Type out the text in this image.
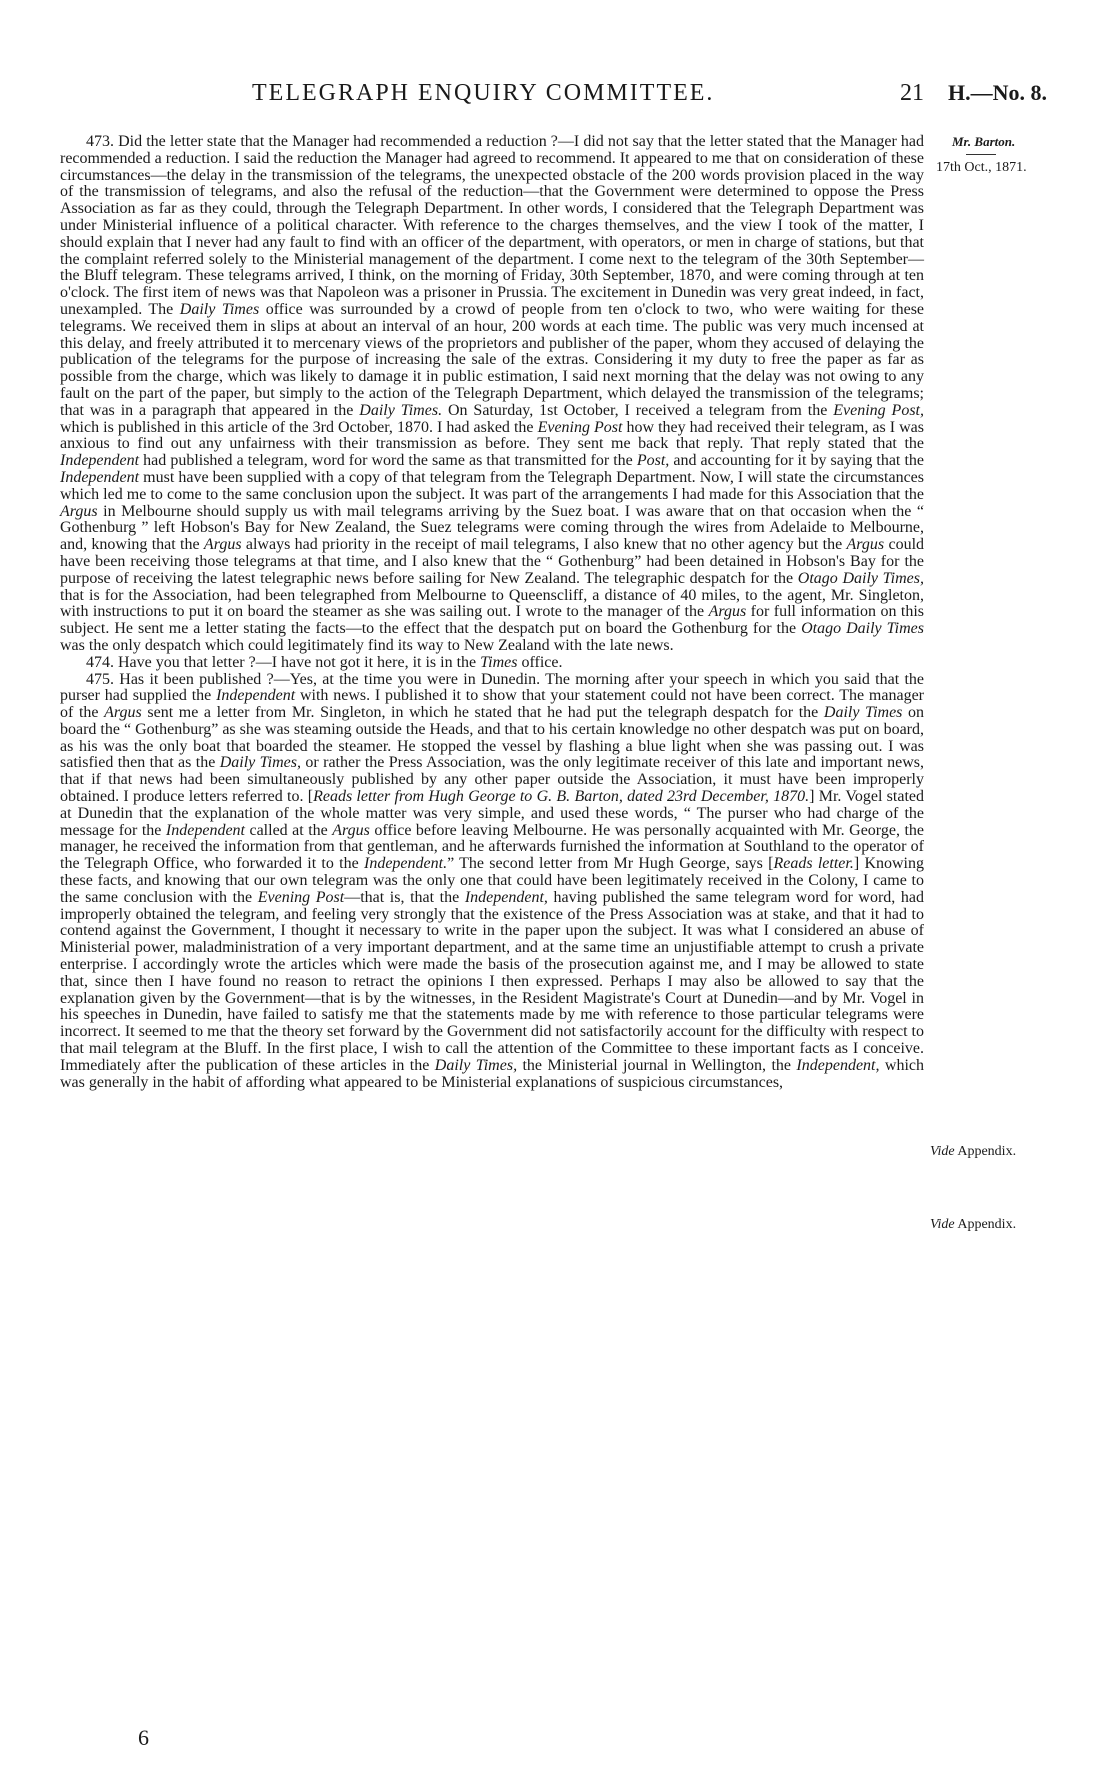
TELEGRAPH ENQUIRY COMMITTEE.	21 H.—No. 8.
Mr. Barton.
17th Oct., 1871.
Vide Appendix.
Vide Appendix.

473. Did the letter state that the Manager had recommended a reduction ?—I did not say that the letter stated that the Manager had recommended a reduction. I said the reduction the Manager had agreed to recommend. It appeared to me that on consideration of these circumstances—the delay in the transmission of the telegrams, the unexpected obstacle of the 200 words provision placed in the way of the transmission of telegrams, and also the refusal of the reduction—that the Government were determined to oppose the Press Association as far as they could, through the Telegraph Department. In other words, I considered that the Telegraph Department was under Ministerial influence of a political character. With reference to the charges themselves, and the view I took of the matter, I should explain that I never had any fault to find with an officer of the department, with operators, or men in charge of stations, but that the complaint referred solely to the Ministerial management of the department. I come next to the telegram of the 30th September—the Bluff telegram. These telegrams arrived, I think, on the morning of Friday, 30th September, 1870, and were coming through at ten o'clock. The first item of news was that Napoleon was a prisoner in Prussia. The excitement in Dunedin was very great indeed, in fact, unexampled. The Daily Times office was surrounded by a crowd of people from ten o'clock to two, who were waiting for these telegrams. We received them in slips at about an interval of an hour, 200 words at each time. The public was very much incensed at this delay, and freely attributed it to mercenary views of the proprietors and publisher of the paper, whom they accused of delaying the publication of the telegrams for the purpose of increasing the sale of the extras. Considering it my duty to free the paper as far as possible from the charge, which was likely to damage it in public estimation, I said next morning that the delay was not owing to any fault on the part of the paper, but simply to the action of the Telegraph Department, which delayed the transmission of the telegrams; that was in a paragraph that appeared in the Daily Times. On Saturday, 1st October, I received a telegram from the Evening Post, which is published in this article of the 3rd October, 1870. I had asked the Evening Post how they had received their telegram, as I was anxious to find out any unfairness with their transmission as before. They sent me back that reply. That reply stated that the Independent had published a telegram, word for word the same as that transmitted for the Post, and accounting for it by saying that the Independent must have been supplied with a copy of that telegram from the Telegraph Department. Now, I will state the circumstances which led me to come to the same conclusion upon the subject. It was part of the arrangements I had made for this Association that the Argus in Melbourne should supply us with mail telegrams arriving by the Suez boat. I was aware that on that occasion when the “ Gothenburg ” left Hobson's Bay for New Zealand, the Suez telegrams were coming through the wires from Adelaide to Melbourne, and, knowing that the Argus always had priority in the receipt of mail telegrams, I also knew that no other agency but the Argus could have been receiving those telegrams at that time, and I also knew that the “ Gothenburg” had been detained in Hobson's Bay for the purpose of receiving the latest telegraphic news before sailing for New Zealand. The telegraphic despatch for the Otago Daily Times, that is for the Association, had been telegraphed from Melbourne to Queenscliff, a distance of 40 miles, to the agent, Mr. Singleton, with instructions to put it on board the steamer as she was sailing out. I wrote to the manager of the Argus for full information on this subject. He sent me a letter stating the facts—to the effect that the despatch put on board the Gothenburg for the Otago Daily Times was the only despatch which could legitimately find its way to New Zealand with the late news.

474. Have you that letter ?—I have not got it here, it is in the Times office.

475. Has it been published ?—Yes, at the time you were in Dunedin. The morning after your speech in which you said that the purser had supplied the Independent with news. I published it to show that your statement could not have been correct. The manager of the Argus sent me a letter from Mr. Singleton, in which he stated that he had put the telegraph despatch for the Daily Times on board the “ Gothenburg” as she was steaming outside the Heads, and that to his certain knowledge no other despatch was put on board, as his was the only boat that boarded the steamer. He stopped the vessel by flashing a blue light when she was passing out. I was satisfied then that as the Daily Times, or rather the Press Association, was the only legitimate receiver of this late and important news, that if that news had been simultaneously published by any other paper outside the Association, it must have been improperly obtained. I produce letters referred to. [Reads letter from Hugh George to G. B. Barton, dated 23rd December, 1870.] Mr. Vogel stated at Dunedin that the explanation of the whole matter was very simple, and used these words, “ The purser who had charge of the message for the Independent called at the Argus office before leaving Melbourne. He was personally acquainted with Mr. George, the manager, he received the information from that gentleman, and he afterwards furnished the information at Southland to the operator of the Telegraph Office, who forwarded it to the Independent.” The second letter from Mr Hugh George, says [Reads letter.] Knowing these facts, and knowing that our own telegram was the only one that could have been legitimately received in the Colony, I came to the same conclusion with the Evening Post—that is, that the Independent, having published the same telegram word for word, had improperly obtained the telegram, and feeling very strongly that the existence of the Press Association was at stake, and that it had to contend against the Government, I thought it necessary to write in the paper upon the subject. It was what I considered an abuse of Ministerial power, maladministration of a very important department, and at the same time an unjustifiable attempt to crush a private enterprise. I accordingly wrote the articles which were made the basis of the prosecution against me, and I may be allowed to state that, since then I have found no reason to retract the opinions I then expressed. Perhaps I may also be allowed to say that the explanation given by the Government—that is by the witnesses, in the Resident Magistrate's Court at Dunedin—and by Mr. Vogel in his speeches in Dunedin, have failed to satisfy me that the statements made by me with reference to those particular telegrams were incorrect. It seemed to me that the theory set forward by the Government did not satisfactorily account for the difficulty with respect to that mail telegram at the Bluff. In the first place, I wish to call the attention of the Committee to these important facts as I conceive. Immediately after the publication of these articles in the Daily Times, the Ministerial journal in Wellington, the Independent, which was generally in the habit of affording what appeared to be Ministerial explanations of suspicious circumstances,

6
